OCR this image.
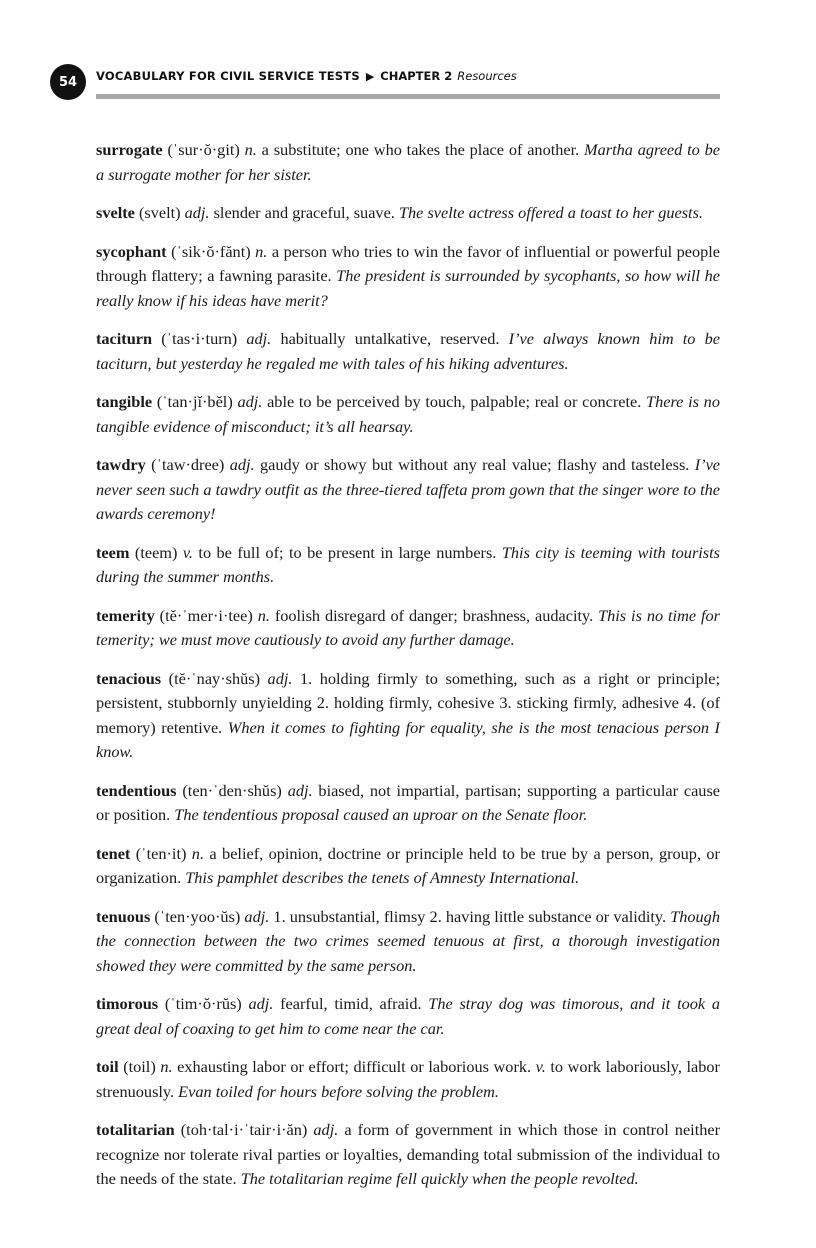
54 VOCABULARY FOR CIVIL SERVICE TESTS ▶ CHAPTER 2 Resources

surrogate (ˈsur·ŏ·git) n. a substitute; one who takes the place of another. Martha agreed to be a surrogate mother for her sister.

svelte (svelt) adj. slender and graceful, suave. The svelte actress offered a toast to her guests.

sycophant (ˈsik·ŏ·fănt) n. a person who tries to win the favor of influential or powerful people through flattery; a fawning parasite. The president is surrounded by sycophants, so how will he really know if his ideas have merit?

taciturn (ˈtas·i·turn) adj. habitually untalkative, reserved. I’ve always known him to be taciturn, but yesterday he regaled me with tales of his hiking adventures.

tangible (ˈtan·jĭ·bĕl) adj. able to be perceived by touch, palpable; real or concrete. There is no tangible evidence of misconduct; it’s all hearsay.

tawdry (ˈtaw·dree) adj. gaudy or showy but without any real value; flashy and tasteless. I’ve never seen such a tawdry outfit as the three-tiered taffeta prom gown that the singer wore to the awards ceremony!

teem (teem) v. to be full of; to be present in large numbers. This city is teeming with tourists during the summer months.

temerity (tĕ·ˈmer·i·tee) n. foolish disregard of danger; brashness, audacity. This is no time for temerity; we must move cautiously to avoid any further damage.

tenacious (tĕ·ˈnay·shŭs) adj. 1. holding firmly to something, such as a right or principle; persistent, stubbornly unyielding 2. holding firmly, cohesive 3. sticking firmly, adhesive 4. (of memory) retentive. When it comes to fighting for equality, she is the most tenacious person I know.

tendentious (ten·ˈden·shŭs) adj. biased, not impartial, partisan; supporting a particular cause or position. The tendentious proposal caused an uproar on the Senate floor.

tenet (ˈten·it) n. a belief, opinion, doctrine or principle held to be true by a person, group, or organization. This pamphlet describes the tenets of Amnesty International.

tenuous (ˈten·yoo·ŭs) adj. 1. unsubstantial, flimsy 2. having little substance or validity. Though the connection between the two crimes seemed tenuous at first, a thorough investigation showed they were committed by the same person.

timorous (ˈtim·ŏ·rŭs) adj. fearful, timid, afraid. The stray dog was timorous, and it took a great deal of coaxing to get him to come near the car.

toil (toil) n. exhausting labor or effort; difficult or laborious work. v. to work laboriously, labor strenuously. Evan toiled for hours before solving the problem.

totalitarian (toh·tal·i·ˈtair·i·ăn) adj. a form of government in which those in control neither recognize nor tolerate rival parties or loyalties, demanding total submission of the individual to the needs of the state. The totalitarian regime fell quickly when the people revolted.
